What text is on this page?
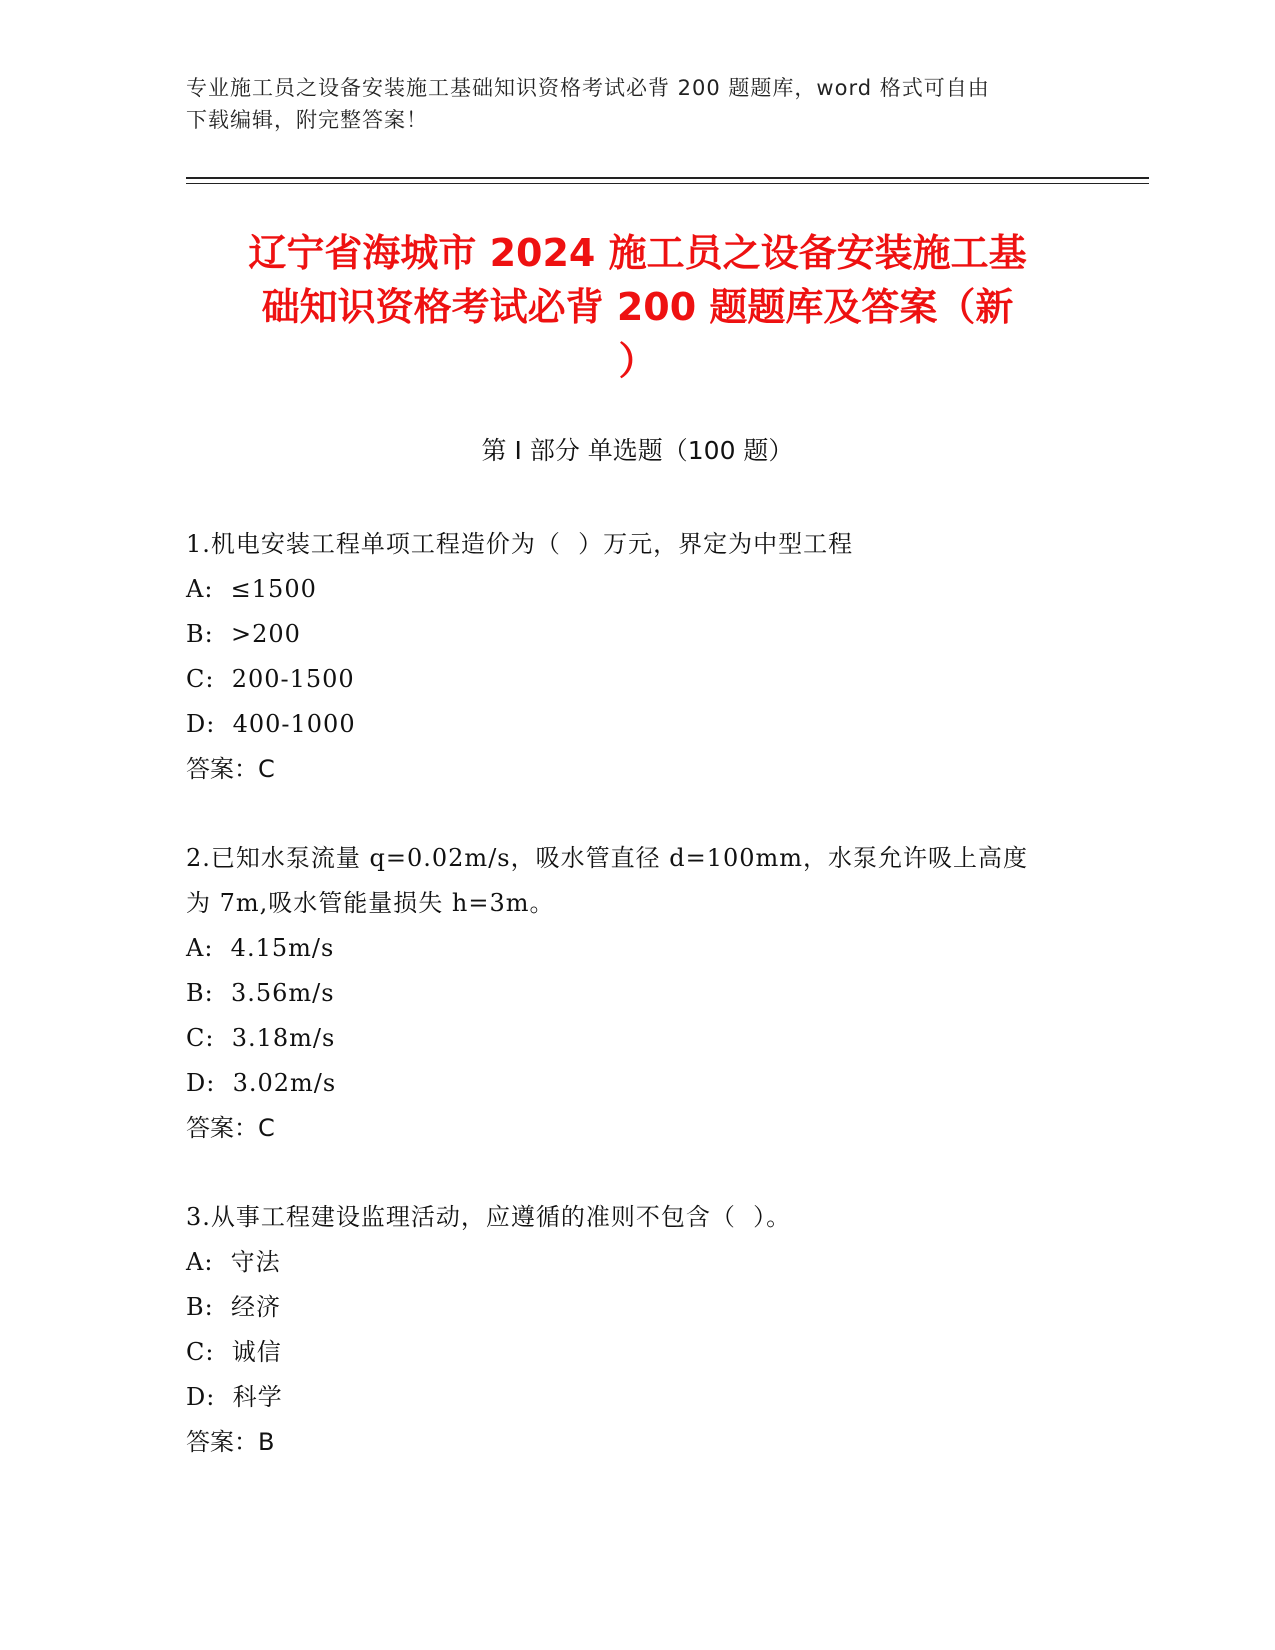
专业施工员之设备安装施工基础知识资格考试必背 200 题题库，word 格式可自由
下载编辑，附完整答案！
辽宁省海城市 2024 施工员之设备安装施工基
础知识资格考试必背 200 题题库及答案（新
）
第 I 部分 单选题（100 题）
1.机电安装工程单项工程造价为（  ）万元，界定为中型工程
A:  ≤1500
B:  >200
C:  200-1500
D:  400-1000
答案：C
2.已知水泵流量 q=0.02m/s，吸水管直径 d=100mm，水泵允许吸上高度
为 7m,吸水管能量损失 h=3m。
A:  4.15m/s
B:  3.56m/s
C:  3.18m/s
D:  3.02m/s
答案：C
3.从事工程建设监理活动，应遵循的准则不包含（  ）。
A:  守法
B:  经济
C:  诚信
D:  科学
答案：B
